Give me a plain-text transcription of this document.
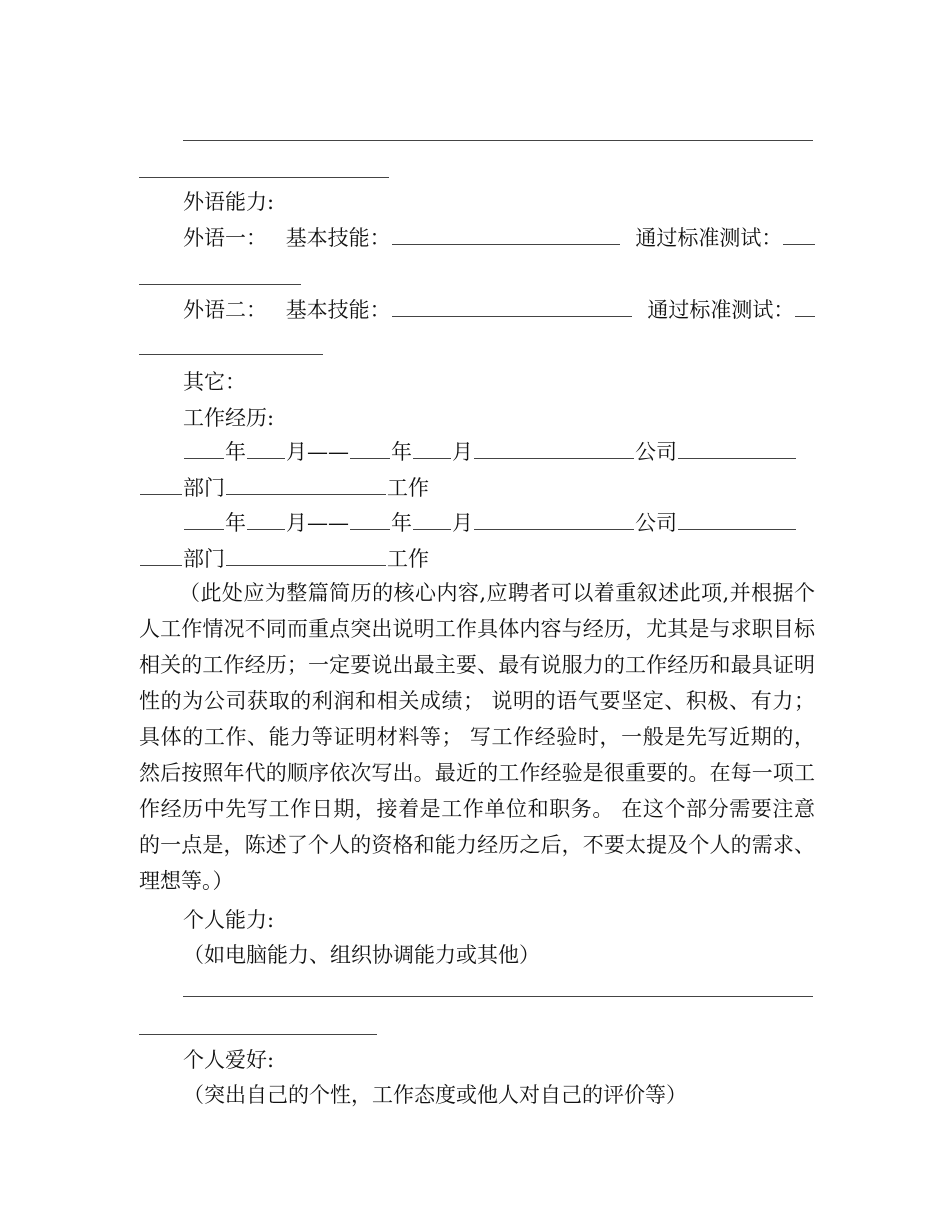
外语能力:
外语一： 基本技能：	通过标准测试：
外语二： 基本技能：	通过标准测试：
其它：
工作经历:
年 月—— 年 月	公司
部门	工作
年 月—— 年 月	公司
部门	工作
（此处应为整篇简历的核心内容,应聘者可以着重叙述此项,并根据个人工作情况不同而重点突出说明工作具体内容与经历，尤其是与求职目标相关的工作经历；一定要说出最主要、最有说服力的工作经历和最具证明性的为公司获取的利润和相关成绩； 说明的语气要坚定、积极、有力； 具体的工作、能力等证明材料等； 写工作经验时，一般是先写近期的，然后按照年代的顺序依次写出。最近的工作经验是很重要的。在每一项工作经历中先写工作日期，接着是工作单位和职务。 在这个部分需要注意的一点是，陈述了个人的资格和能力经历之后，不要太提及个人的需求、理想等。）
个人能力:
（如电脑能力、组织协调能力或其他）
个人爱好:
（突出自己的个性，工作态度或他人对自己的评价等）
